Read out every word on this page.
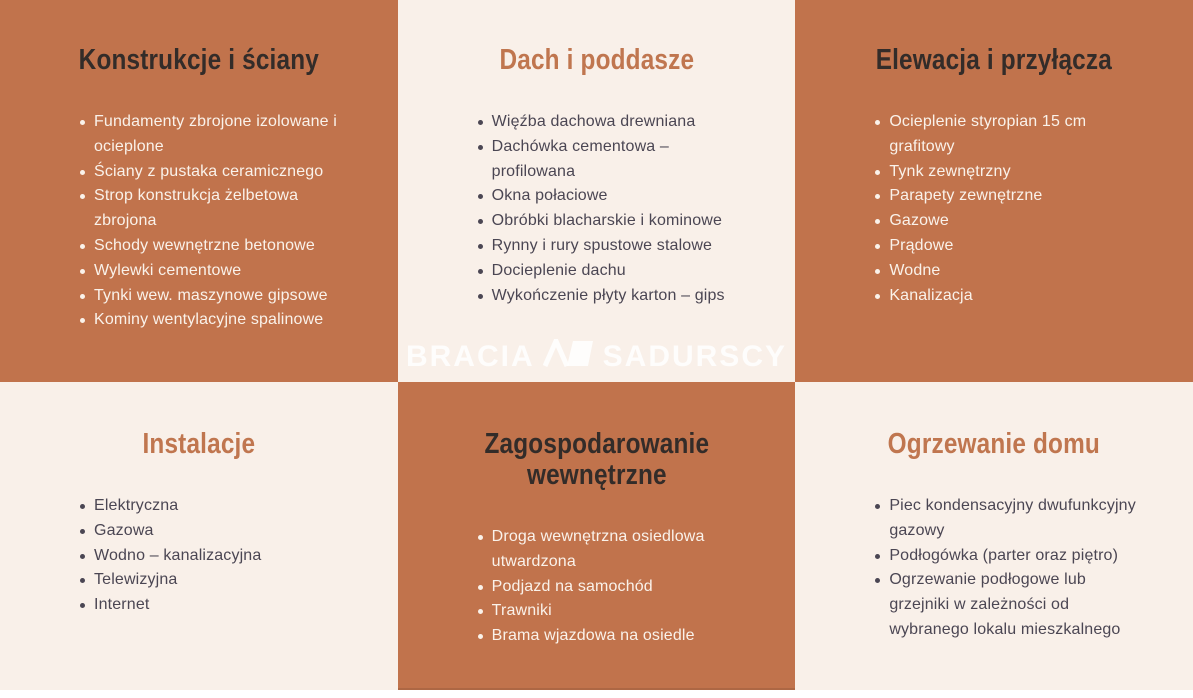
Konstrukcje i ściany
Fundamenty zbrojone izolowane i ocieplone
Ściany z pustaka ceramicznego
Strop konstrukcja żelbetowa zbrojona
Schody wewnętrzne betonowe
Wylewki cementowe
Tynki wew. maszynowe gipsowe
Kominy wentylacyjne spalinowe
Dach i poddasze
Więźba dachowa drewniana
Dachówka cementowa – profilowana
Okna połaciowe
Obróbki blacharskie i kominowe
Rynny i rury spustowe stalowe
Docieplenie dachu
Wykończenie płyty karton – gips
BRACIA SADURSCY
Elewacja i przyłącza
Ocieplenie styropian 15 cm grafitowy
Tynk zewnętrzny
Parapety zewnętrzne
Gazowe
Prądowe
Wodne
Kanalizacja
Instalacje
Elektryczna
Gazowa
Wodno – kanalizacyjna
Telewizyjna
Internet
Zagospodarowanie wewnętrzne
Droga wewnętrzna osiedlowa utwardzona
Podjazd na samochód
Trawniki
Brama wjazdowa na osiedle
Ogrzewanie domu
Piec kondensacyjny dwufunkcyjny gazowy
Podłogówka (parter oraz piętro)
Ogrzewanie podłogowe lub grzejniki w zależności od wybranego lokalu mieszkalnego
